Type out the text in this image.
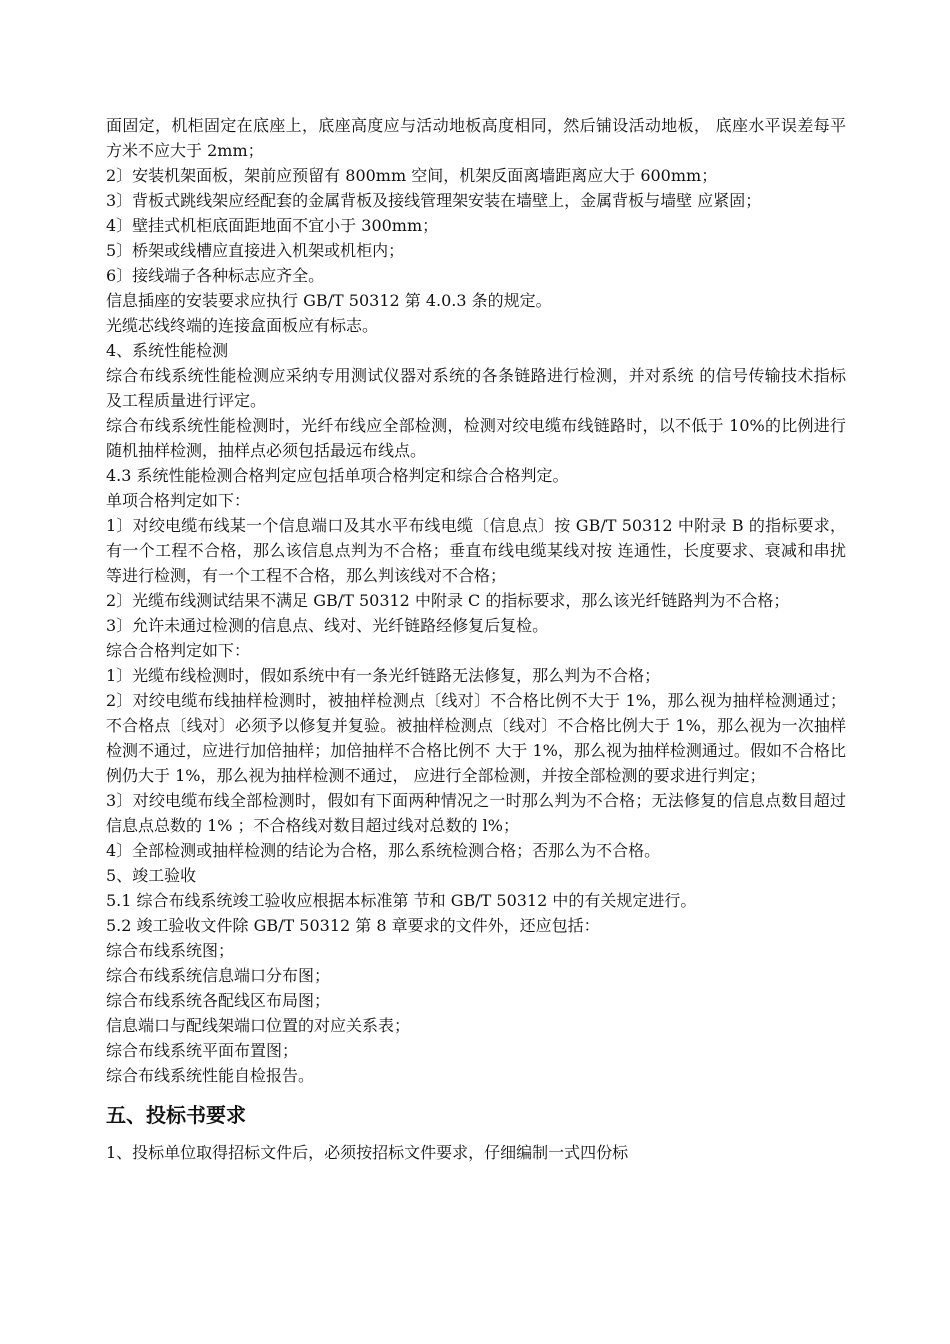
面固定，机柜固定在底座上，底座高度应与活动地板高度相同，然后铺设活动地板， 底座水平误差每平方米不应大于 2mm；

2〕安装机架面板，架前应预留有 800mm 空间，机架反面离墙距离应大于 600mm；

3〕背板式跳线架应经配套的金属背板及接线管理架安装在墙壁上，金属背板与墙壁 应紧固；

4〕壁挂式机柜底面距地面不宜小于 300mm；

5〕桥架或线槽应直接进入机架或机柜内；

6〕接线端子各种标志应齐全。

信息插座的安装要求应执行 GB/T 50312 第 4.0.3 条的规定。

光缆芯线终端的连接盒面板应有标志。

4、系统性能检测

综合布线系统性能检测应采纳专用测试仪器对系统的各条链路进行检测，并对系统 的信号传输技术指标及工程质量进行评定。

综合布线系统性能检测时，光纤布线应全部检测，检测对绞电缆布线链路时，以不低于 10%的比例进行随机抽样检测，抽样点必须包括最远布线点。

4.3 系统性能检测合格判定应包括单项合格判定和综合合格判定。

单项合格判定如下：

1〕对绞电缆布线某一个信息端口及其水平布线电缆〔信息点〕按 GB/T 50312 中附录 B 的指标要求，有一个工程不合格，那么该信息点判为不合格；垂直布线电缆某线对按 连通性，长度要求、衰减和串扰等进行检测，有一个工程不合格，那么判该线对不合格；

2〕光缆布线测试结果不满足 GB/T 50312 中附录 C 的指标要求，那么该光纤链路判为不合格；

3〕允许未通过检测的信息点、线对、光纤链路经修复后复检。

综合合格判定如下：

1〕光缆布线检测时，假如系统中有一条光纤链路无法修复，那么判为不合格；

2〕对绞电缆布线抽样检测时，被抽样检测点〔线对〕不合格比例不大于 1%，那么视为抽样检测通过；不合格点〔线对〕必须予以修复并复验。被抽样检测点〔线对〕不合格比例大于 1%，那么视为一次抽样检测不通过，应进行加倍抽样；加倍抽样不合格比例不 大于 1%，那么视为抽样检测通过。假如不合格比例仍大于 1%，那么视为抽样检测不通过， 应进行全部检测，并按全部检测的要求进行判定；

3〕对绞电缆布线全部检测时，假如有下面两种情况之一时那么判为不合格；无法修复的信息点数目超过信息点总数的 1% ；不合格线对数目超过线对总数的 l%；

4〕全部检测或抽样检测的结论为合格，那么系统检测合格；否那么为不合格。

5、竣工验收

5.1 综合布线系统竣工验收应根据本标准第 节和 GB/T 50312 中的有关规定进行。

5.2 竣工验收文件除 GB/T 50312 第 8 章要求的文件外，还应包括：

综合布线系统图；

综合布线系统信息端口分布图；

综合布线系统各配线区布局图；

信息端口与配线架端口位置的对应关系表；

综合布线系统平面布置图；

综合布线系统性能自检报告。

五、投标书要求

1、投标单位取得招标文件后，必须按招标文件要求，仔细编制一式四份标
